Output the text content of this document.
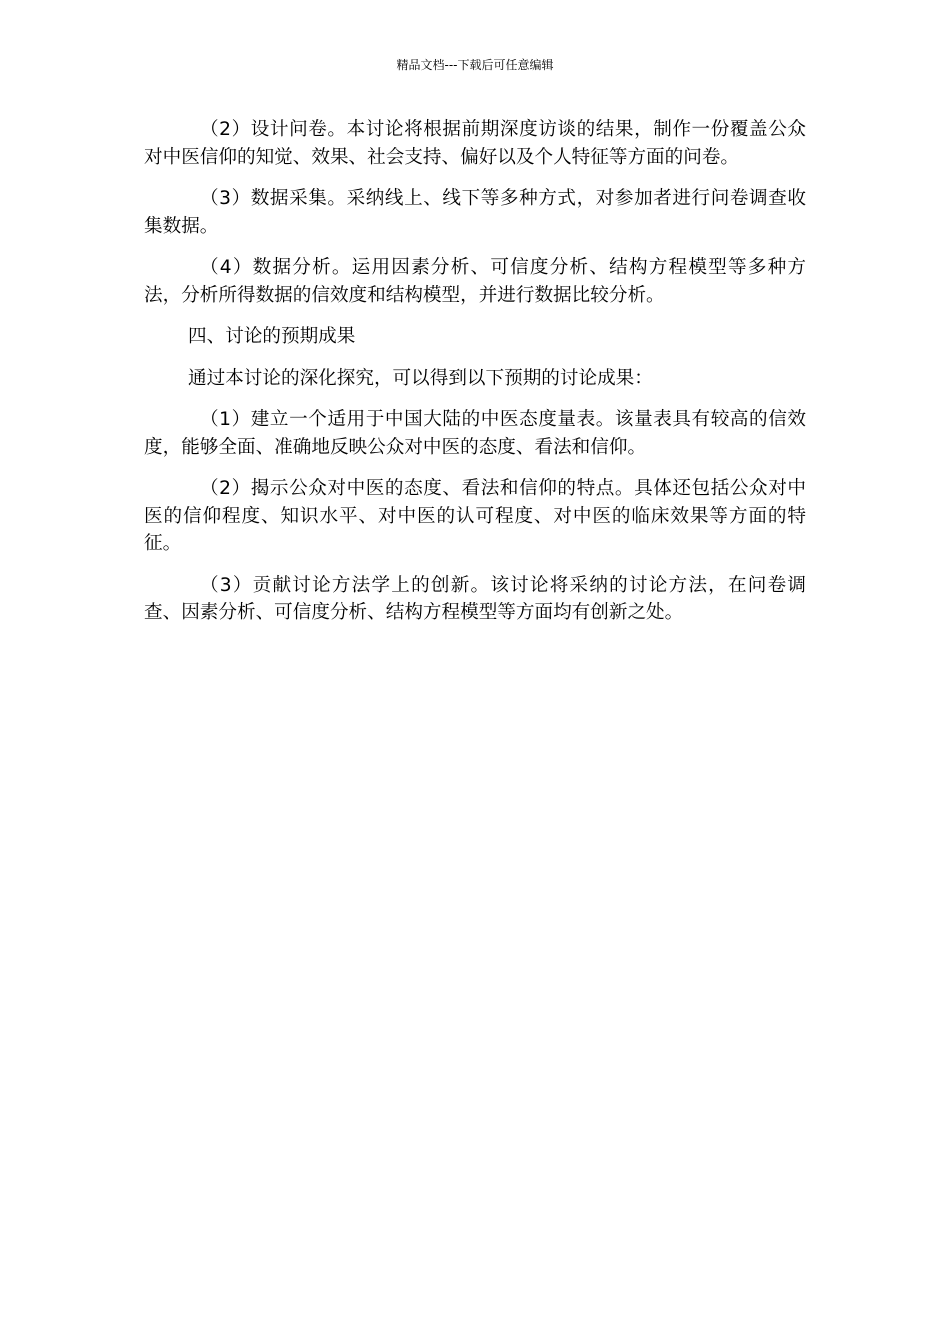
精品文档---下载后可任意编辑

（2）设计问卷。本讨论将根据前期深度访谈的结果，制作一份覆盖公众对中医信仰的知觉、效果、社会支持、偏好以及个人特征等方面的问卷。

（3）数据采集。采纳线上、线下等多种方式，对参加者进行问卷调查收集数据。

（4）数据分析。运用因素分析、可信度分析、结构方程模型等多种方法，分析所得数据的信效度和结构模型，并进行数据比较分析。

四、讨论的预期成果

通过本讨论的深化探究，可以得到以下预期的讨论成果：

（1）建立一个适用于中国大陆的中医态度量表。该量表具有较高的信效度，能够全面、准确地反映公众对中医的态度、看法和信仰。

（2）揭示公众对中医的态度、看法和信仰的特点。具体还包括公众对中医的信仰程度、知识水平、对中医的认可程度、对中医的临床效果等方面的特征。

（3）贡献讨论方法学上的创新。该讨论将采纳的讨论方法，在问卷调查、因素分析、可信度分析、结构方程模型等方面均有创新之处。
